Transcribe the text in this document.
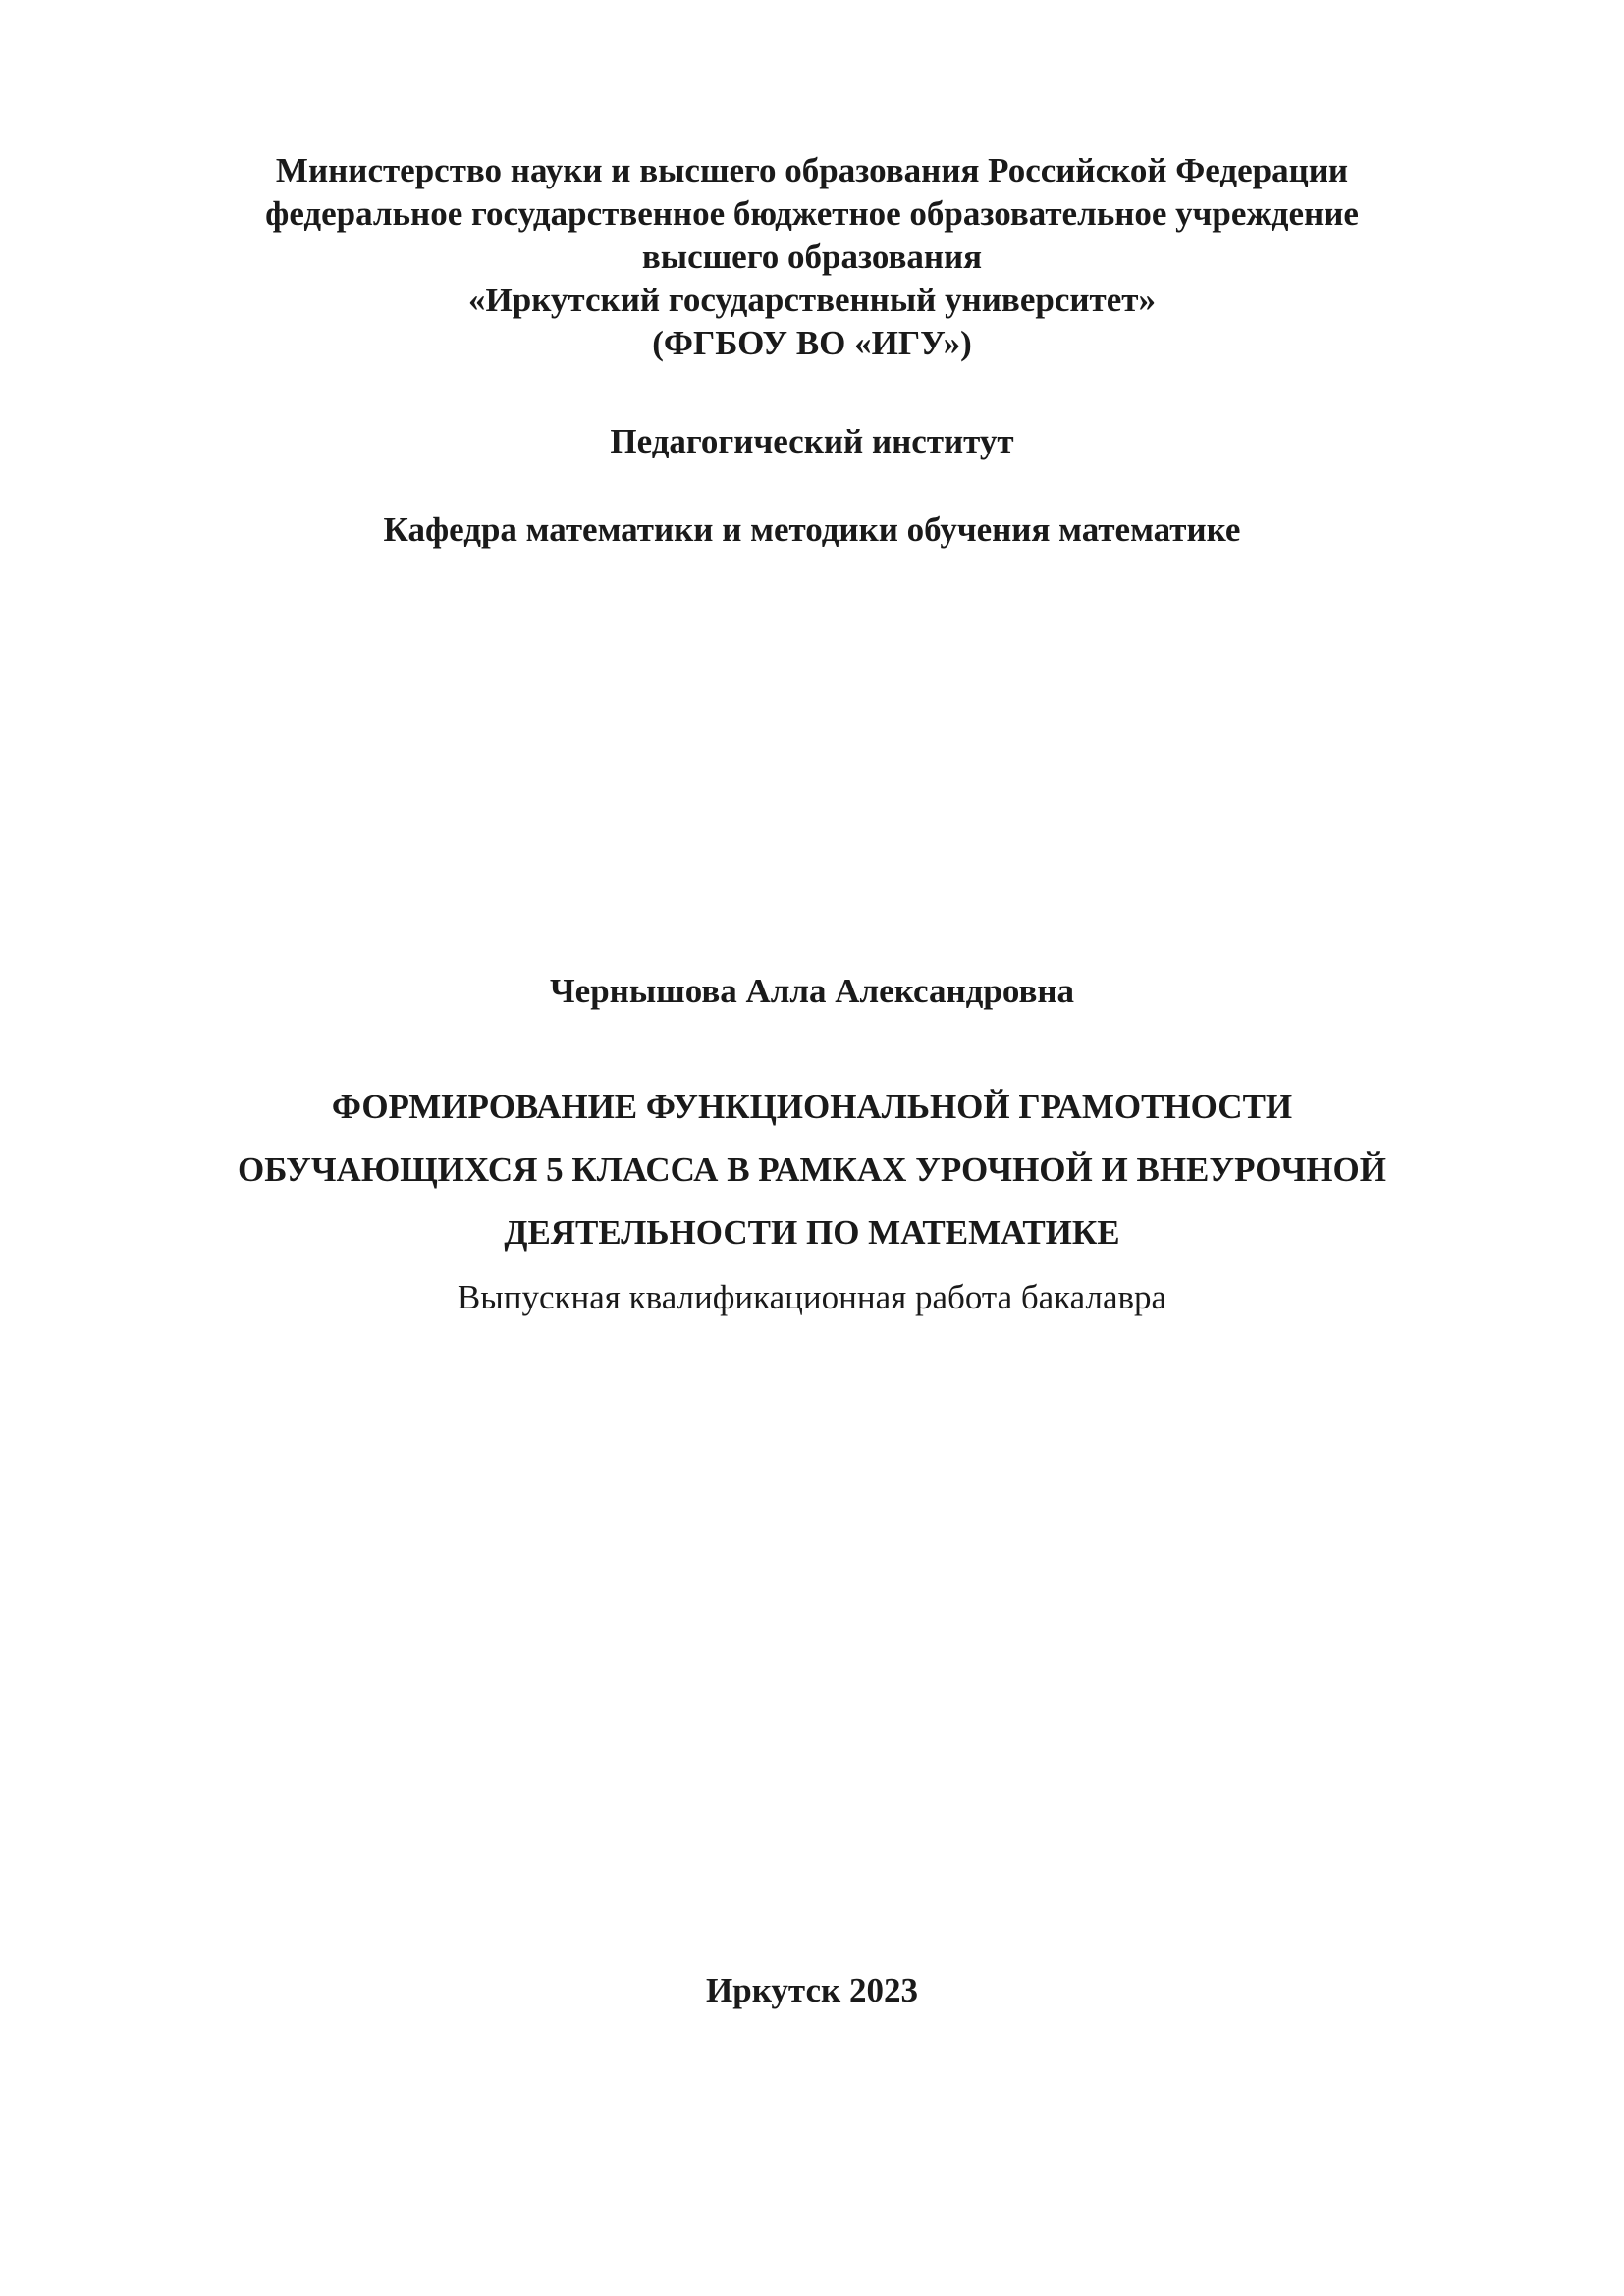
Министерство науки и высшего образования Российской Федерации
федеральное государственное бюджетное образовательное учреждение
высшего образования
«Иркутский государственный университет»
(ФГБОУ ВО «ИГУ»)
Педагогический институт
Кафедра математики и методики обучения математике
Чернышова Алла Александровна
ФОРМИРОВАНИЕ ФУНКЦИОНАЛЬНОЙ ГРАМОТНОСТИ
ОБУЧАЮЩИХСЯ 5 КЛАССА В РАМКАХ УРОЧНОЙ И ВНЕУРОЧНОЙ
ДЕЯТЕЛЬНОСТИ ПО МАТЕМАТИКЕ
Выпускная квалификационная работа бакалавра
Иркутск 2023
